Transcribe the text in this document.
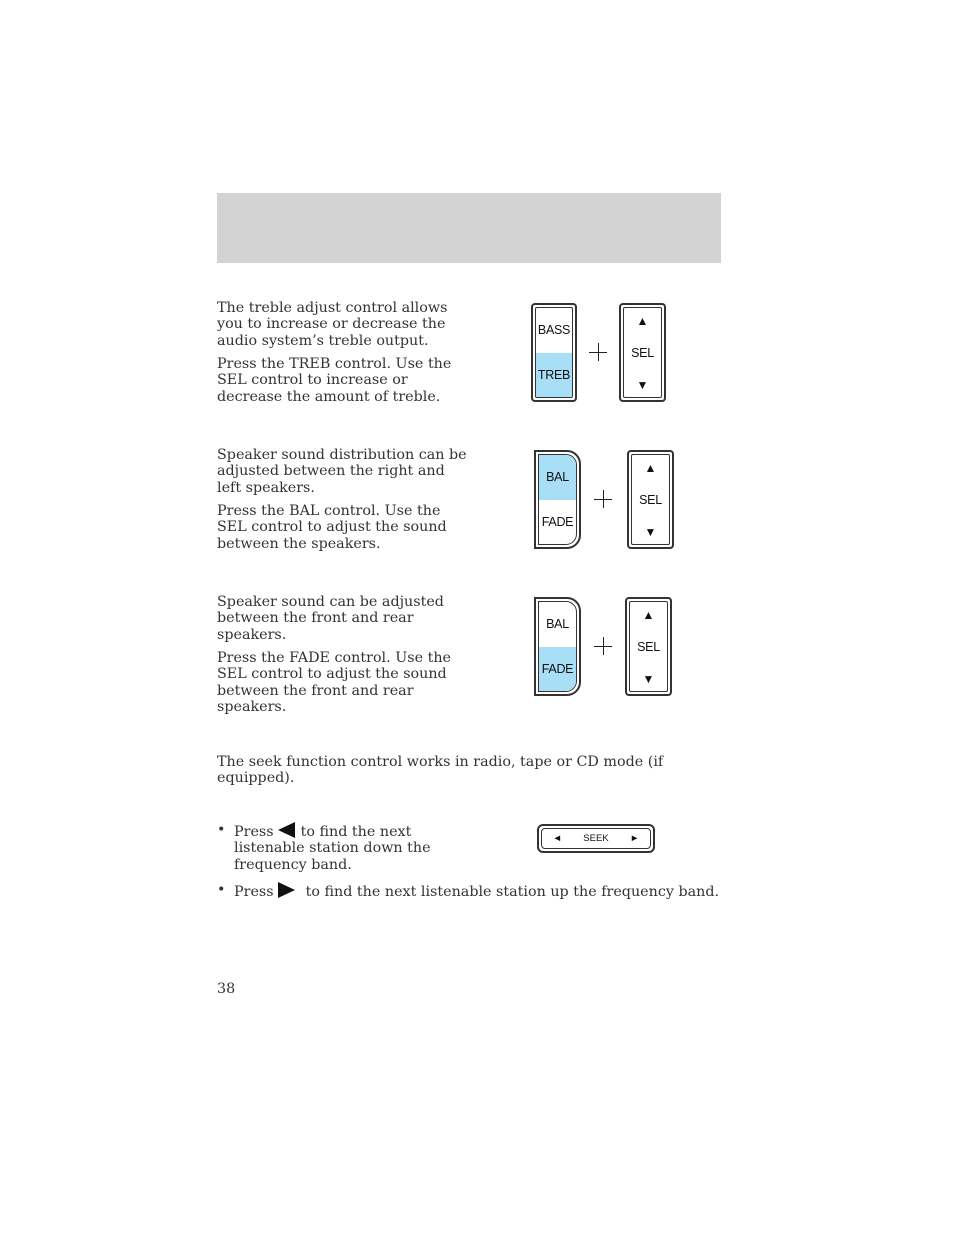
The treble adjust control allows you to increase or decrease the audio system’s treble output.

Press the TREB control. Use the SEL control to increase or decrease the amount of treble.

BASS
TREB
▲
SEL
▼

Speaker sound distribution can be adjusted between the right and left speakers.

Press the BAL control. Use the SEL control to adjust the sound between the speakers.

BAL
FADE
▲
SEL
▼

Speaker sound can be adjusted between the front and rear speakers.

Press the FADE control. Use the SEL control to adjust the sound between the front and rear speakers.

BAL
FADE
▲
SEL
▼

The seek function control works in radio, tape or CD mode (if equipped).

• Press to find the next listenable station down the frequency band.
◄ SEEK ►
• Press to find the next listenable station up the frequency band.
38
